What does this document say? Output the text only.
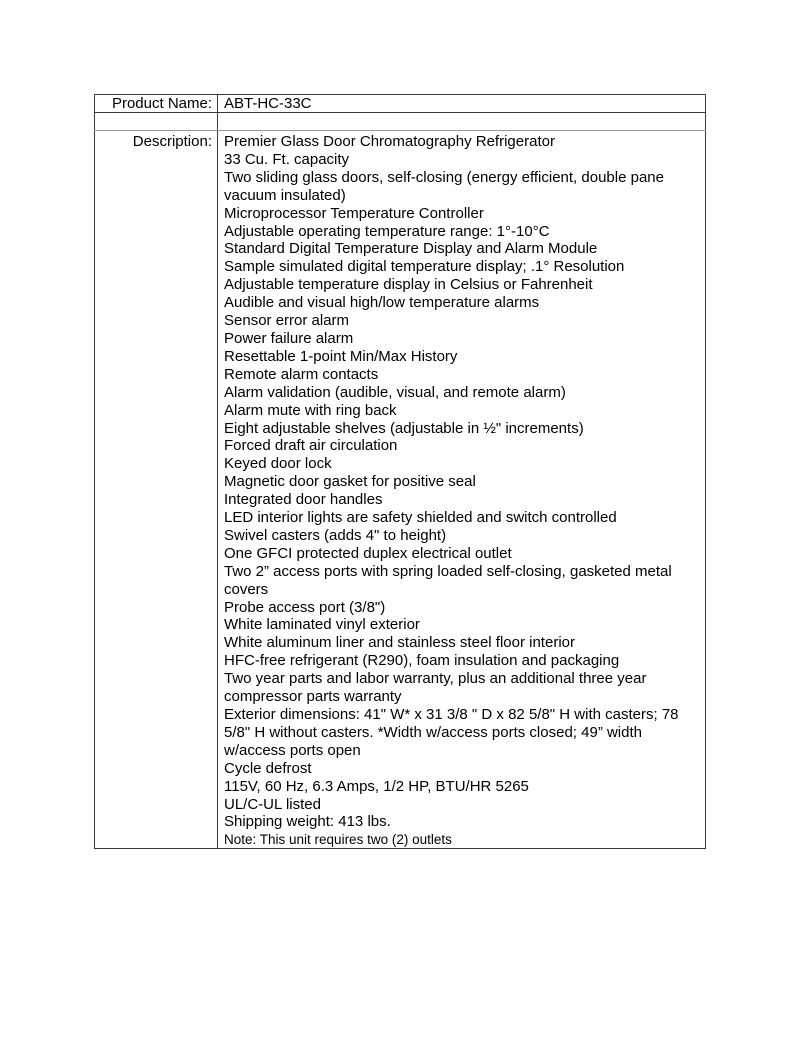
Product Name:	ABT-HC-33C

Description:	Premier Glass Door Chromatography Refrigerator
33 Cu. Ft. capacity
Two sliding glass doors, self-closing (energy efficient, double pane vacuum insulated)
Microprocessor Temperature Controller
Adjustable operating temperature range: 1°-10°C
Standard Digital Temperature Display and Alarm Module
Sample simulated digital temperature display; .1° Resolution
Adjustable temperature display in Celsius or Fahrenheit
Audible and visual high/low temperature alarms
Sensor error alarm
Power failure alarm
Resettable 1-point Min/Max History
Remote alarm contacts
Alarm validation (audible, visual, and remote alarm)
Alarm mute with ring back
Eight adjustable shelves (adjustable in ½" increments)
Forced draft air circulation
Keyed door lock
Magnetic door gasket for positive seal
Integrated door handles
LED interior lights are safety shielded and switch controlled
Swivel casters (adds 4" to height)
One GFCI protected duplex electrical outlet
Two 2” access ports with spring loaded self-closing, gasketed metal covers
Probe access port (3/8")
White laminated vinyl exterior
White aluminum liner and stainless steel floor interior
HFC-free refrigerant (R290), foam insulation and packaging
Two year parts and labor warranty, plus an additional three year compressor parts warranty
Exterior dimensions: 41" W* x 31 3/8 " D x 82 5/8" H with casters; 78 5/8" H without casters. *Width w/access ports closed; 49” width w/access ports open
Cycle defrost
115V, 60 Hz, 6.3 Amps, 1/2 HP, BTU/HR 5265
UL/C-UL listed
Shipping weight: 413 lbs.
Note: This unit requires two (2) outlets
